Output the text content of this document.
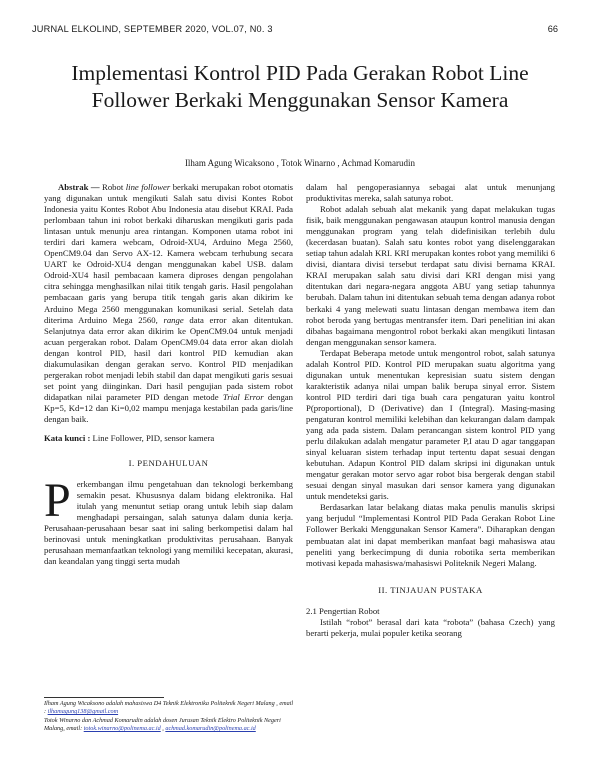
JURNAL ELKOLIND, SEPTEMBER 2020, VOL.07, N0. 3	66
Implementasi Kontrol PID Pada Gerakan Robot Line
Follower Berkaki Menggunakan Sensor Kamera
Ilham Agung Wicaksono , Totok Winarno , Achmad Komarudin

Abstrak — Robot line follower berkaki merupakan robot otomatis yang digunakan untuk mengikuti Salah satu divisi Kontes Robot Indonesia yaitu Kontes Robot Abu Indonesia atau disebut KRAI. Pada perlombaan tahun ini robot berkaki diharuskan mengikuti garis pada lintasan untuk menunju area rintangan. Komponen utama robot ini terdiri dari kamera webcam, Odroid-XU4, Arduino Mega 2560, OpenCM9.04 dan Servo AX-12. Kamera webcam terhubung secara UART ke Odroid-XU4 dengan menggunakan kabel USB. dalam Odroid-XU4 hasil pembacaan kamera diproses dengan pengolahan citra sehingga menghasilkan nilai titik tengah garis. Hasil pengolahan pembacaan garis yang berupa titik tengah garis akan dikirim ke Arduino Mega 2560 menggunakan komunikasi serial. Setelah data diterima Arduino Mega 2560, range data error akan ditentukan. Selanjutnya data error akan dikirim ke OpenCM9.04 untuk menjadi acuan pergerakan robot. Dalam OpenCM9.04 data error akan diolah dengan kontrol PID, hasil dari kontrol PID kemudian akan diakumulasikan dengan gerakan servo. Kontrol PID menjadikan pergerakan robot menjadi lebih stabil dan dapat mengikuti garis sesuai set point yang diinginkan. Dari hasil pengujian pada sistem robot didapatkan nilai parameter PID dengan metode Trial Error dengan Kp=5, Kd=12 dan Ki=0,02 mampu menjaga kestabilan pada garis/line dengan baik.

Kata kunci : Line Follower, PID, sensor kamera

I. PENDAHULUAN

Perkembangan ilmu pengetahuan dan teknologi berkembang semakin pesat. Khususnya dalam bidang elektronika. Hal itulah yang menuntut setiap orang untuk lebih siap dalam menghadapi persaingan, salah satunya dalam dunia kerja. Perusahaan-perusahaan besar saat ini saling berkompetisi dalam hal berinovasi untuk meningkatkan produktivitas perusahaan. Banyak perusahaan memanfaatkan teknologi yang memiliki kecepatan, akurasi, dan keandalan yang tinggi serta mudah

Ilham Agung Wicaksono adalah mahasiswa D4 Teknik Elektronika Politeknik Negeri Malang , email : ilhamagung138@gmail.com
Totok Winarno dan Achmad Komarudin adalah dosen Jurusan Teknik Elektro Politeknik Negeri Malang, email: totok.winarno@polinema.ac.id , achmad.komarudin@polinema.ac.id

dalam hal pengoperasiannya sebagai alat untuk menunjang produktivitas mereka, salah satunya robot.

Robot adalah sebuah alat mekanik yang dapat melakukan tugas fisik, baik menggunakan pengawasan ataupun kontrol manusia dengan menggunakan program yang telah didefinisikan terlebih dulu (kecerdasan buatan). Salah satu kontes robot yang diselenggarakan setiap tahun adalah KRI. KRI merupakan kontes robot yang memiliki 6 divisi, diantara divisi tersebut terdapat satu divisi bernama KRAI. KRAI merupakan salah satu divisi dari KRI dengan misi yang ditentukan dari negara-negara anggota ABU yang setiap tahunnya berubah. Dalam tahun ini ditentukan sebuah tema dengan adanya robot berkaki 4 yang melewati suatu lintasan dengan membawa item dan robot beroda yang bertugas mentransfer item. Dari penelitian ini akan dibahas bagaimana mengontrol robot berkaki akan mengikuti lintasan dengan menggunakan sensor kamera.

Terdapat Beberapa metode untuk mengontrol robot, salah satunya adalah Kontrol PID. Kontrol PID merupakan suatu algoritma yang digunakan untuk menentukan kepresisian suatu sistem dengan karakteristik adanya nilai umpan balik berupa sinyal error. Sistem kontrol PID terdiri dari tiga buah cara pengaturan yaitu kontrol P(proportional), D (Derivative) dan I (Integral). Masing-masing pengaturan kontrol memiliki kelebihan dan kekurangan dalam dampak yang ada pada sistem. Dalam perancangan sistem kontrol PID yang perlu dilakukan adalah mengatur parameter P,I atau D agar tanggapan sinyal keluaran sistem terhadap input tertentu dapat sesuai dengan kebutuhan. Adapun Kontrol PID dalam skripsi ini digunakan untuk mengatur gerakan motor servo agar robot bisa bergerak dengan stabil sesuai dengan sinyal masukan dari sensor kamera yang digunakan untuk mendeteksi garis.

Berdasarkan latar belakang diatas maka penulis manulis skripsi yang berjudul “Implementasi Kontrol PID Pada Gerakan Robot Line Follower Berkaki Menggunakan Sensor Kamera”. Diharapkan dengan pembuatan alat ini dapat memberikan manfaat bagi mahasiswa atau peneliti yang berkecimpung di dunia robotika serta memberikan motivasi kepada mahasiswa/mahasiswi Politeknik Negeri Malang.

II. TINJAUAN PUSTAKA

2.1 Pengertian Robot

Istilah “robot” berasal dari kata “robota” (bahasa Czech) yang berarti pekerja, mulai populer ketika seorang
